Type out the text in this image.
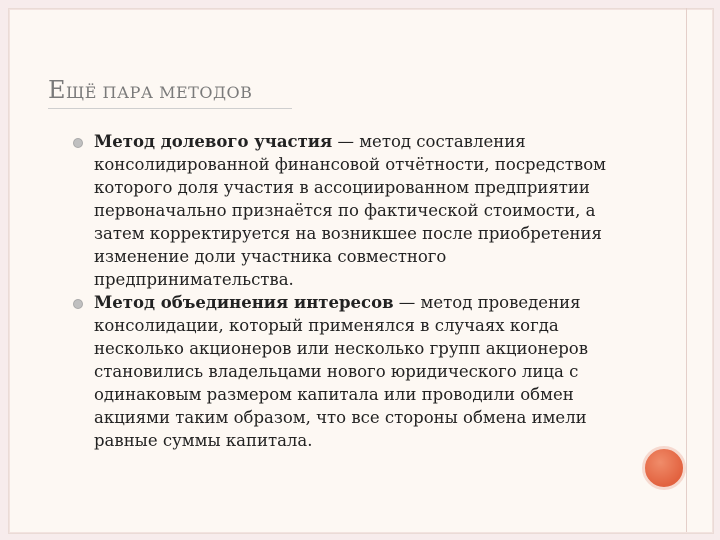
ЕЩЁ ПАРА МЕТОДОВ

Метод долевого участия — метод составления консолидированной финансовой отчётности, посредством которого доля участия в ассоциированном предприятии первоначально признаётся по фактической стоимости, а затем корректируется на возникшее после приобретения изменение доли участника совместного предпринимательства.

Метод объединения интересов — метод проведения консолидации, который применялся в случаях когда несколько акционеров или несколько групп акционеров становились владельцами нового юридического лица с одинаковым размером капитала или проводили обмен акциями таким образом, что все стороны обмена имели равные суммы капитала.
